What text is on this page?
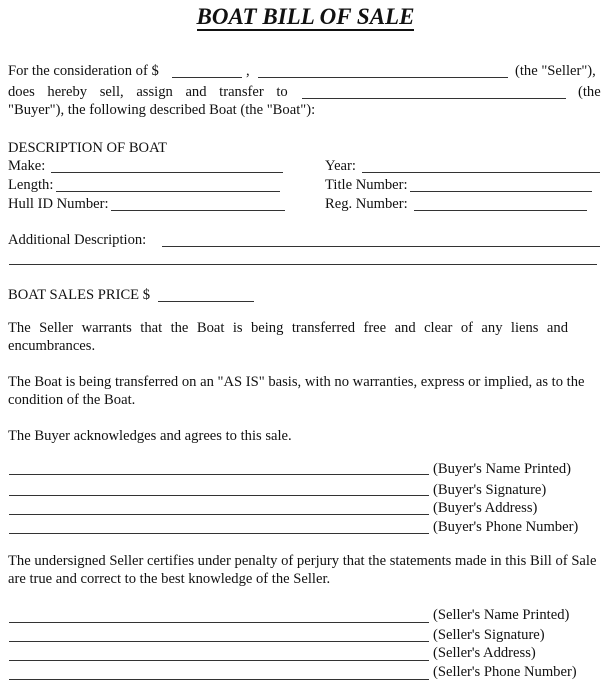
BOAT BILL OF SALE
For the consideration of $	,	(the "Seller"),
does hereby sell, assign and transfer to	(the
"Buyer"), the following described Boat (the "Boat"):
DESCRIPTION OF BOAT
Make:	Year:
Length:	Title Number:
Hull ID Number:	Reg. Number:
Additional Description:
BOAT SALES PRICE $
The Seller warrants that the Boat is being transferred free and clear of any liens and encumbrances.
The Boat is being transferred on an "AS IS" basis, with no warranties, express or implied, as to the condition of the Boat.
The Buyer acknowledges and agrees to this sale.
(Buyer's Name Printed)
(Buyer's Signature)
(Buyer's Address)
(Buyer's Phone Number)
The undersigned Seller certifies under penalty of perjury that the statements made in this Bill of Sale are true and correct to the best knowledge of the Seller.
(Seller's Name Printed)
(Seller's Signature)
(Seller's Address)
(Seller's Phone Number)
